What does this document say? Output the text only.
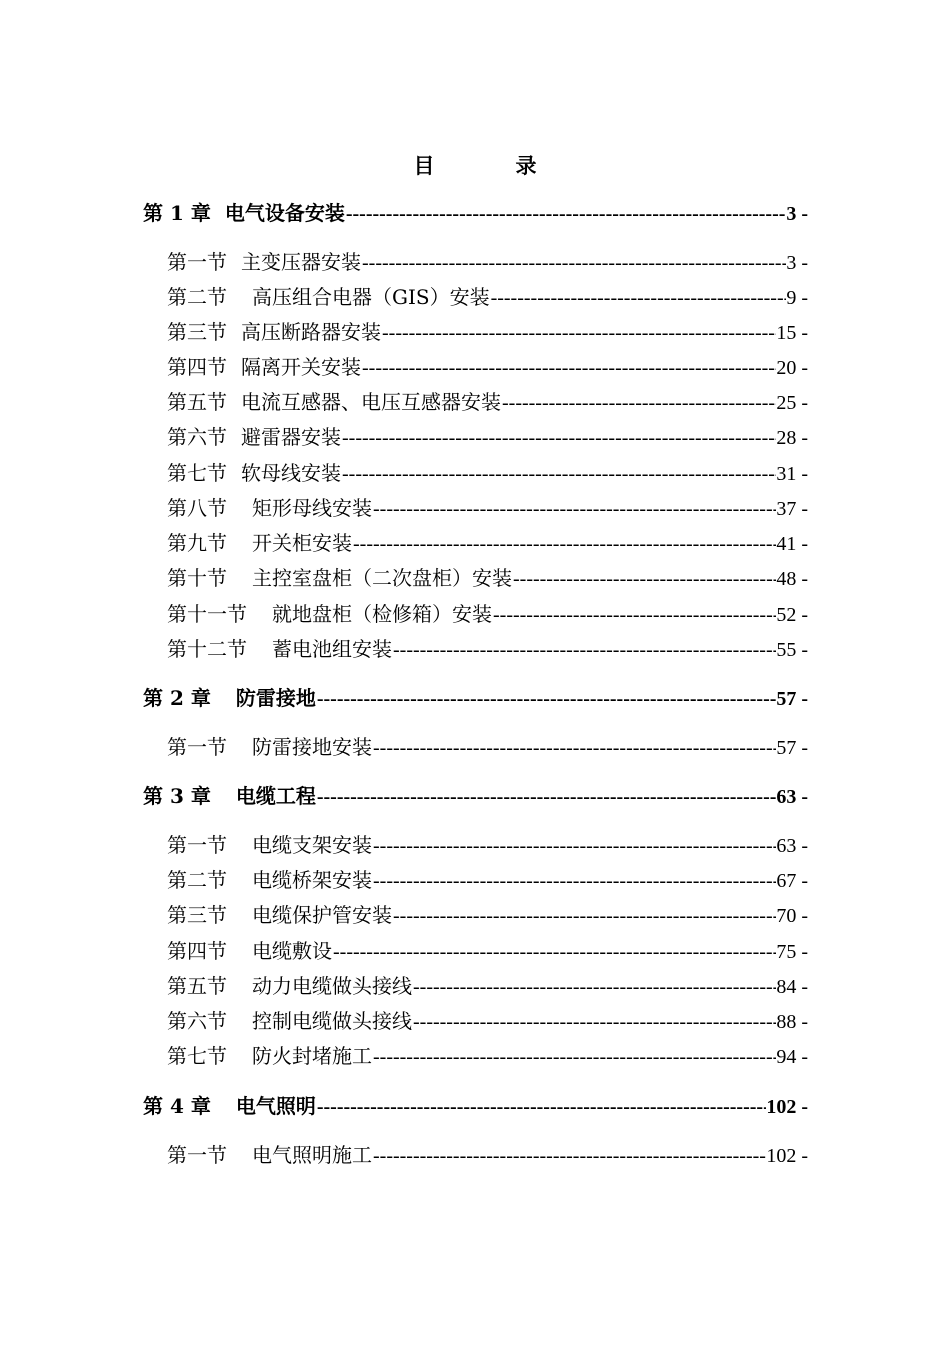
目　录
第 1 章 电气设备安装 -----	3 -
第一节 主变压器安装 -----	3 -
第二节 高压组合电器（GIS）安装 -----	9 -
第三节 高压断路器安装 -----	15 -
第四节 隔离开关安装 -----	20 -
第五节 电流互感器、电压互感器安装 -----	25 -
第六节 避雷器安装 -----	28 -
第七节 软母线安装 -----	31 -
第八节 矩形母线安装 -----	37 -
第九节 开关柜安装 -----	41 -
第十节 主控室盘柜（二次盘柜）安装 -----	48 -
第十一节 就地盘柜（检修箱）安装 -----	52 -
第十二节 蓄电池组安装 -----	55 -
第 2 章 防雷接地 -----	57 -
第一节 防雷接地安装 -----	57 -
第 3 章 电缆工程 -----	63 -
第一节 电缆支架安装 -----	63 -
第二节 电缆桥架安装 -----	67 -
第三节 电缆保护管安装 -----	70 -
第四节 电缆敷设 -----	75 -
第五节 动力电缆做头接线 -----	84 -
第六节 控制电缆做头接线 -----	88 -
第七节 防火封堵施工 -----	94 -
第 4 章 电气照明 -----	102 -
第一节 电气照明施工 -----	102 -
